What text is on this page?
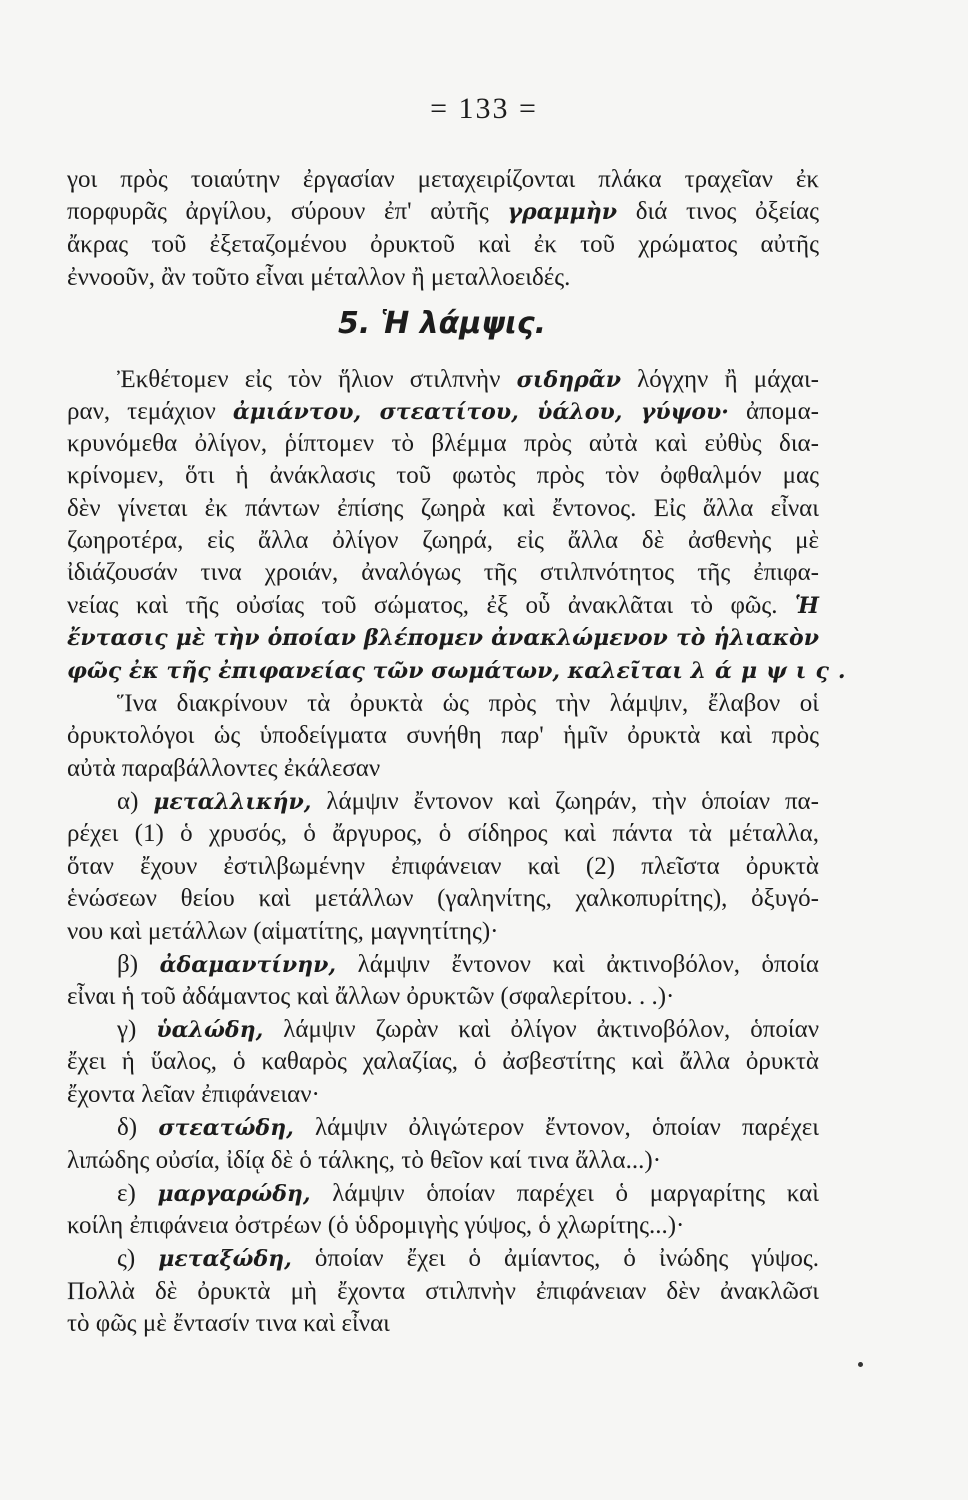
= 133 =
5. Ἡ λάμψις.
γοι πρὸς τοιαύτην ἐργασίαν μεταχειρίζονται πλάκα τραχεῖαν ἐκ
πορφυρᾶς ἀργίλου, σύρουν ἐπ' αὐτῆς γραμμὴν διά τινος ὀξείας
ἄκρας τοῦ ἐξεταζομένου ὀρυκτοῦ καὶ ἐκ τοῦ χρώματος αὐτῆς
ἐννοοῦν, ἂν τοῦτο εἶναι μέταλλον ἢ μεταλλοειδές.
  Ἐκθέτομεν εἰς τὸν ἥλιον στιλπνὴν σιδηρᾶν λόγχην ἢ μάχαι-
ραν, τεμάχιον ἀμιάντου, στεατίτου, ὑάλου, γύψου· ἀπομα-
κρυνόμεθα ὀλίγον, ῥίπτομεν τὸ βλέμμα πρὸς αὐτὰ καὶ εὐθὺς δια-
κρίνομεν, ὅτι ἡ ἀνάκλασις τοῦ φωτὸς πρὸς τὸν ὀφθαλμόν μας
δὲν γίνεται ἐκ πάντων ἐπίσης ζωηρὰ καὶ ἔντονος. Εἰς ἄλλα εἶναι
ζωηροτέρα, εἰς ἄλλα ὀλίγον ζωηρά, εἰς ἄλλα δὲ ἀσθενὴς μὲ
ἰδιάζουσάν τινα χροιάν, ἀναλόγως τῆς στιλπνότητος τῆς ἐπιφα-
νείας καὶ τῆς οὐσίας τοῦ σώματος, ἐξ οὗ ἀνακλᾶται τὸ φῶς. Ἡ
ἔντασις μὲ τὴν ὁποίαν βλέπομεν ἀνακλώμενον τὸ ἡλιακὸν
φῶς ἐκ τῆς ἐπιφανείας τῶν σωμάτων, καλεῖται λάμψις.
  Ἵνα διακρίνουν τὰ ὀρυκτὰ ὡς πρὸς τὴν λάμψιν, ἔλαβον οἱ
ὀρυκτολόγοι ὡς ὑποδείγματα συνήθη παρ' ἡμῖν ὀρυκτὰ καὶ πρὸς
αὐτὰ παραβάλλοντες ἐκάλεσαν
  α) μεταλλικήν, λάμψιν ἔντονον καὶ ζωηράν, τὴν ὁποίαν πα-
ρέχει (1) ὁ χρυσός, ὁ ἄργυρος, ὁ σίδηρος καὶ πάντα τὰ μέταλλα,
ὅταν ἔχουν ἐστιλβωμένην ἐπιφάνειαν καὶ (2) πλεῖστα ὀρυκτὰ
ἑνώσεων θείου καὶ μετάλλων (γαληνίτης, χαλκοπυρίτης), ὀξυγό-
νου καὶ μετάλλων (αἱματίτης, μαγνητίτης)·
  β) ἀδαμαντίνην, λάμψιν ἔντονον καὶ ἀκτινοβόλον, ὁποία
εἶναι ἡ τοῦ ἀδάμαντος καὶ ἄλλων ὀρυκτῶν (σφαλερίτου. . .)·
  γ) ὑαλώδη, λάμψιν ζωρὰν καὶ ὀλίγον ἀκτινοβόλον, ὁποίαν
ἔχει ἡ ὕαλος, ὁ καθαρὸς χαλαζίας, ὁ ἀσβεστίτης καὶ ἄλλα ὀρυκτὰ
ἔχοντα λεῖαν ἐπιφάνειαν·
  δ) στεατώδη, λάμψιν ὀλιγώτερον ἔντονον, ὁποίαν παρέχει
λιπώδης οὐσία, ἰδίᾳ δὲ ὁ τάλκης, τὸ θεῖον καί τινα ἄλλα...)·
  ε) μαργαρώδη, λάμψιν ὁποίαν παρέχει ὁ μαργαρίτης καὶ
κοίλη ἐπιφάνεια ὀστρέων (ὁ ὑδρομιγὴς γύψος, ὁ χλωρίτης...)·
  ς) μεταξώδη, ὁποίαν ἔχει ὁ ἀμίαντος, ὁ ἰνώδης γύψος.
Πολλὰ δὲ ὀρυκτὰ μὴ ἔχοντα στιλπνὴν ἐπιφάνειαν δὲν ἀνακλῶσι
τὸ φῶς μὲ ἔντασίν τινα καὶ εἶναι
